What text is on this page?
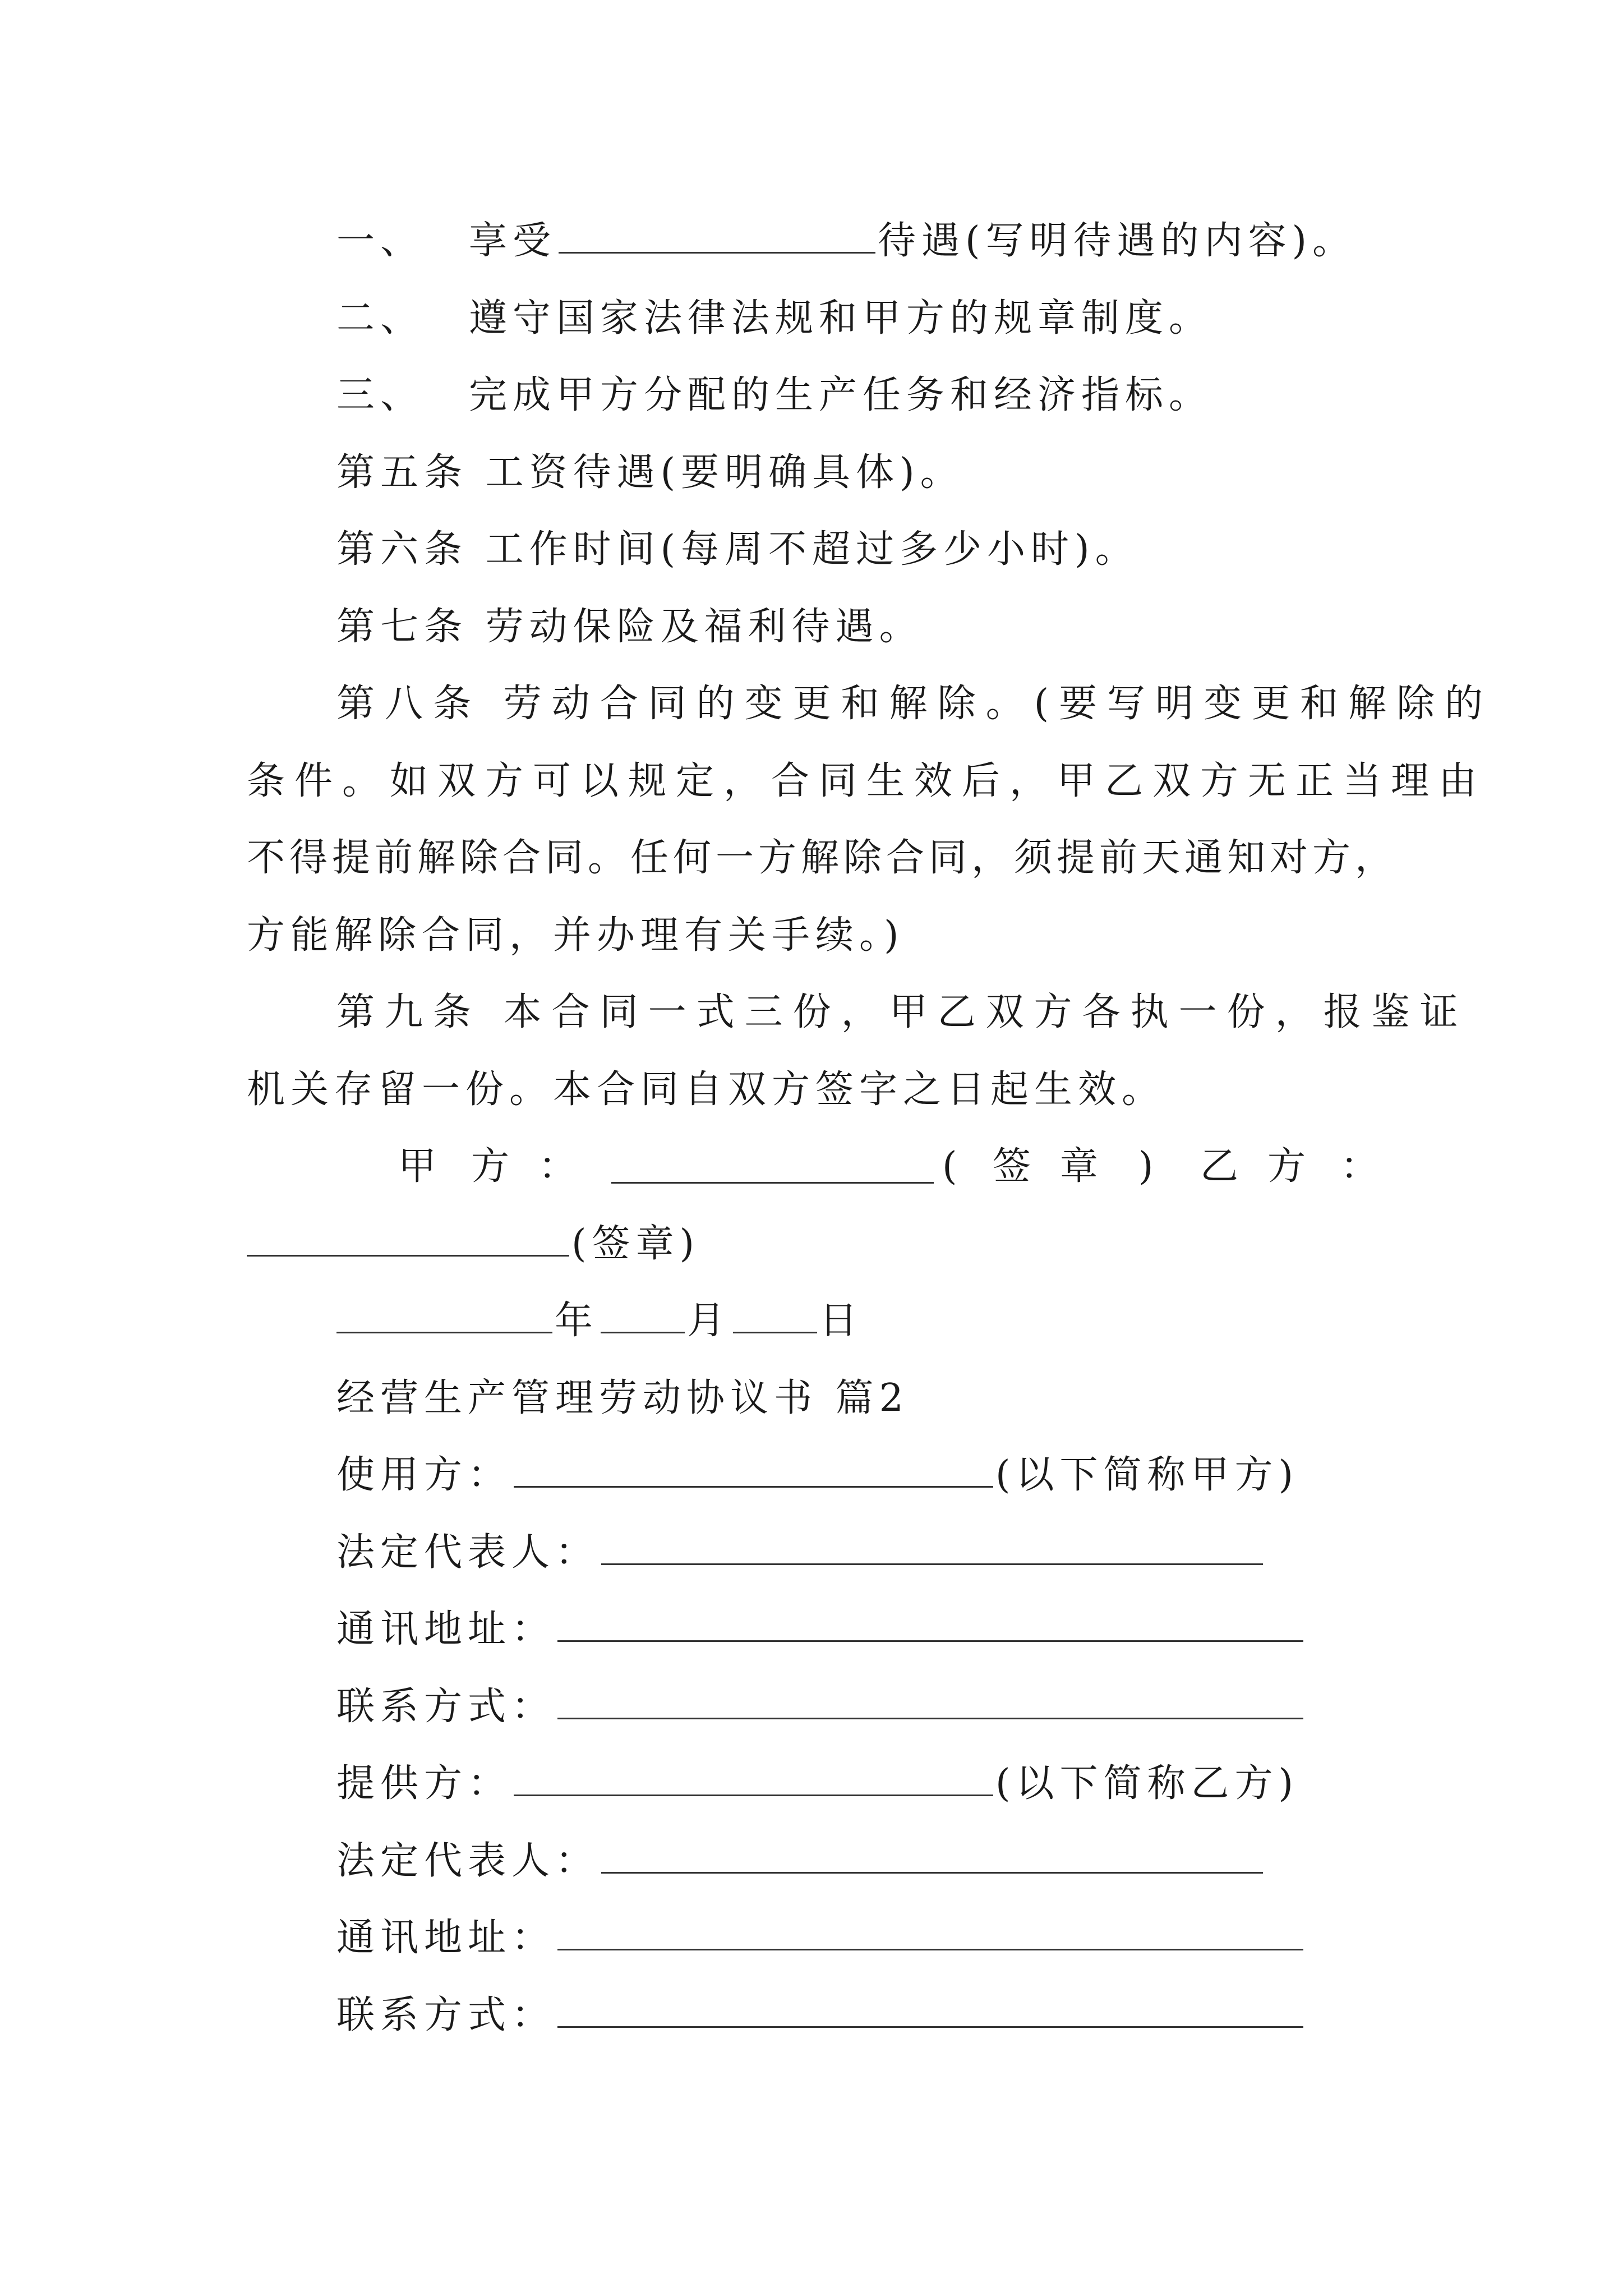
一、 享受	待遇(写明待遇的内容)。
二、 遵守国家法律法规和甲方的规章制度。
三、 完成甲方分配的生产任务和经济指标。
第五条 工资待遇(要明确具体)。
第六条 工作时间(每周不超过多少小时)。
第七条 劳动保险及福利待遇。
第八条 劳动合同的变更和解除。(要写明变更和解除的
条件。如双方可以规定，合同生效后，甲乙双方无正当理由
不得提前解除合同。任何一方解除合同，须提前天通知对方，
方能解除合同，并办理有关手续。)
第九条 本合同一式三份，甲乙双方各执一份，报鉴证
机关存留一份。本合同自双方签字之日起生效。
甲 方 ：	( 签 章 ) 乙 方 ：
(签章)
年 月 日
经营生产管理劳动协议书 篇2
使用方：	(以下简称甲方)
法定代表人：
通讯地址：
联系方式：
提供方：	(以下简称乙方)
法定代表人：
通讯地址：
联系方式：
